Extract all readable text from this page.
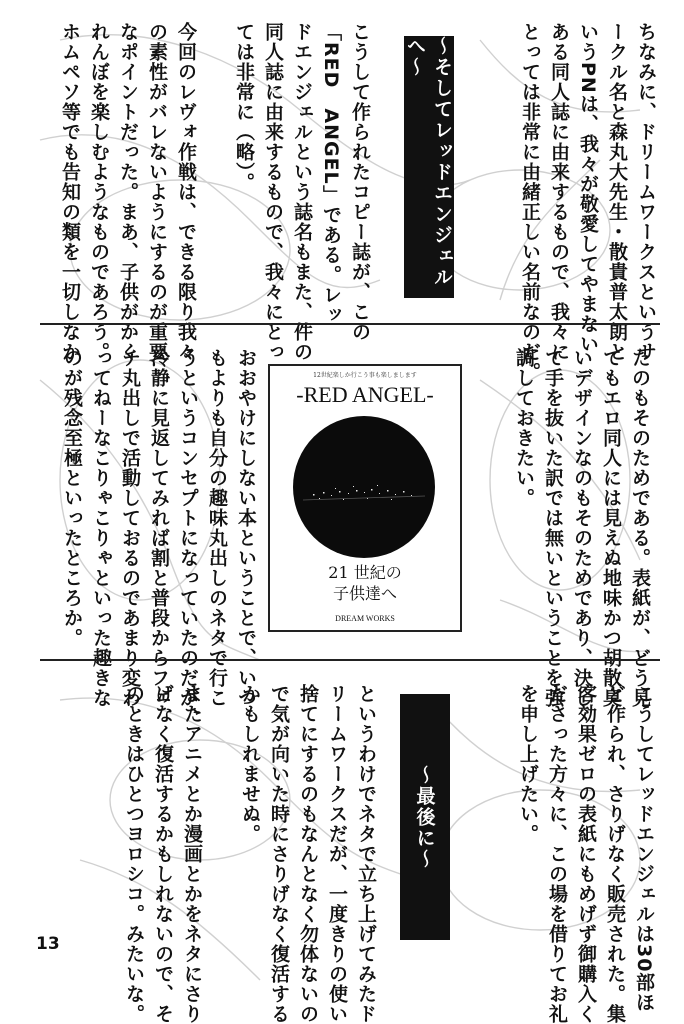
ちなみに、ドリームワークスというサ
ークル名と森丸大先生・散貴普太朗と
いうPNは、我々が敬愛してやまない
ある同人誌に由来するもので、我々に
とっては非常に由緒正しい名前なのだ。
～そしてレッドエンジェルへ～
こうして作られたコピー誌が、この
「RED　ANGEL」である。レッ
ドエンジェルという誌名もまた、件の
同人誌に由来するもので、我々にとっ
ては非常に（略）。

今回のレヴォ作戦は、できる限り我々
の素性がバレないようにするのが重要
なポイントだった。まあ、子供がかく
れんぼを楽しむようなものであろう。
ホムペソ等でも告知の類を一切しなか
たのもそのためである。表紙が、どう見
てもエロ同人には見えぬ地味かつ胡散臭
いデザインなのもそのためであり、決し
て手を抜いた訳では無いということを強
調しておきたい。
12世紀楽しか行こう事も楽しまします
-RED ANGEL-
21 世紀の
子供達へ
DREAM WORKS
おおやけにしない本ということで、いつ
もよりも自分の趣味丸出しのネタで行こ
うというコンセプトになっていたのだが、
冷静に見返してみれば割と普段からフェ
チ丸出しで活動しておるのであまり変わ
ってねーなこりゃこりゃといった趣きな
のが残念至極といったところか。
こうしてレッドエンジェルは30部ほ
ど作られ、さりげなく販売された。集
客効果ゼロの表紙にもめげず御購入く
ださった方々に、この場を借りてお礼
を申し上げたい。
～最後に～
というわけでネタで立ち上げてみたド
リームワークスだが、一度きりの使い
捨てにするのもなんとなく勿体ないの
で気が向いた時にさりげなく復活する
かもしれませぬ。

またアニメとか漫画とかをネタにさり
げなく復活するかもしれないので、そ
のときはひとつヨロシコ。みたいな。
13
